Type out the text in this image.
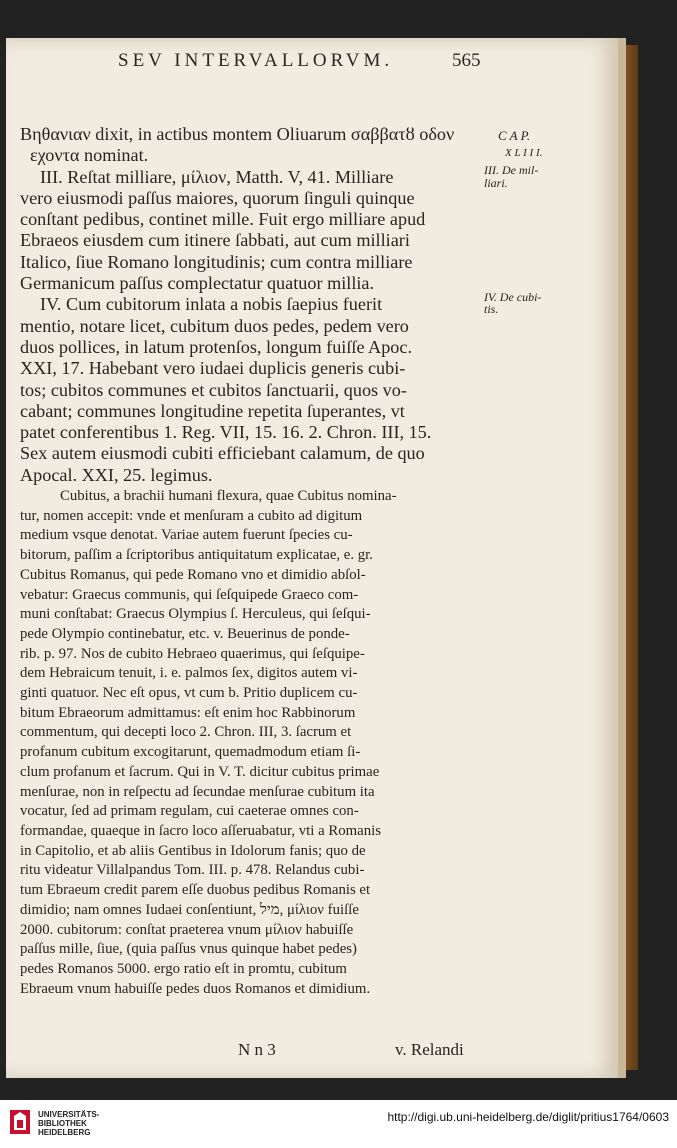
SEV INTERVALLORVM.	565
C A P.
X L I I I.
III. De mil-
liari.
IV. De cubi-
tis.
Βηθανιαν dixit, in actibus montem Oliuarum σαββατȣ οδον
εχοντα nominat.
III. Reſtat milliare, μίλιον, Matth. V, 41. Milliare
vero eiusmodi paſſus maiores, quorum ſinguli quinque
conſtant pedibus, continet mille. Fuit ergo milliare apud
Ebraeos eiusdem cum itinere ſabbati, aut cum milliari
Italico, ſiue Romano longitudinis; cum contra milliare
Germanicum paſſus complectatur quatuor millia.
IV. Cum cubitorum inlata a nobis ſaepius fuerit
mentio, notare licet, cubitum duos pedes, pedem vero
duos pollices, in latum protenſos, longum fuiſſe Apoc.
XXI, 17. Habebant vero iudaei duplicis generis cubi-
tos; cubitos communes et cubitos ſanctuarii, quos vo-
cabant; communes longitudine repetita ſuperantes, vt
patet conferentibus 1. Reg. VII, 15. 16. 2. Chron. III, 15.
Sex autem eiusmodi cubiti efficiebant calamum, de quo
Apocal. XXI, 25. legimus.
Cubitus, a brachii humani flexura, quae Cubitus nomina-
tur, nomen accepit: vnde et menſuram a cubito ad digitum
medium vsque denotat. Variae autem fuerunt ſpecies cu-
bitorum, paſſim a ſcriptoribus antiquitatum explicatae, e. gr.
Cubitus Romanus, qui pede Romano vno et dimidio abſol-
vebatur: Graecus communis, qui ſeſquipede Graeco com-
muni conſtabat: Graecus Olympius ſ. Herculeus, qui ſeſqui-
pede Olympio continebatur, etc. v. Beuerinus de ponde-
rib. p. 97. Nos de cubito Hebraeo quaerimus, qui ſeſquipe-
dem Hebraicum tenuit, i. e. palmos ſex, digitos autem vi-
ginti quatuor. Nec eſt opus, vt cum b. Pritio duplicem cu-
bitum Ebraeorum admittamus: eſt enim hoc Rabbinorum
commentum, qui decepti loco 2. Chron. III, 3. ſacrum et
profanum cubitum excogitarunt, quemadmodum etiam ſi-
clum profanum et ſacrum. Qui in V. T. dicitur cubitus primae
menſurae, non in reſpectu ad ſecundae menſurae cubitum ita
vocatur, ſed ad primam regulam, cui caeterae omnes con-
formandae, quaeque in ſacro loco aſſeruabatur, vti a Romanis
in Capitolio, et ab aliis Gentibus in Idolorum fanis; quo de
ritu videatur Villalpandus Tom. III. p. 478. Relandus cubi-
tum Ebraeum credit parem eſſe duobus pedibus Romanis et
dimidio; nam omnes Iudaei conſentiunt, מיל, μίλιον fuiſſe
2000. cubitorum: conſtat praeterea vnum μίλιον habuiſſe
paſſus mille, ſiue, (quia paſſus vnus quinque habet pedes)
pedes Romanos 5000. ergo ratio eſt in promtu, cubitum
Ebraeum vnum habuiſſe pedes duos Romanos et dimidium.
N n 3	v. Relandi
UNIVERSITÄTS-
BIBLIOTHEK
HEIDELBERG
http://digi.ub.uni-heidelberg.de/diglit/pritius1764/0603
